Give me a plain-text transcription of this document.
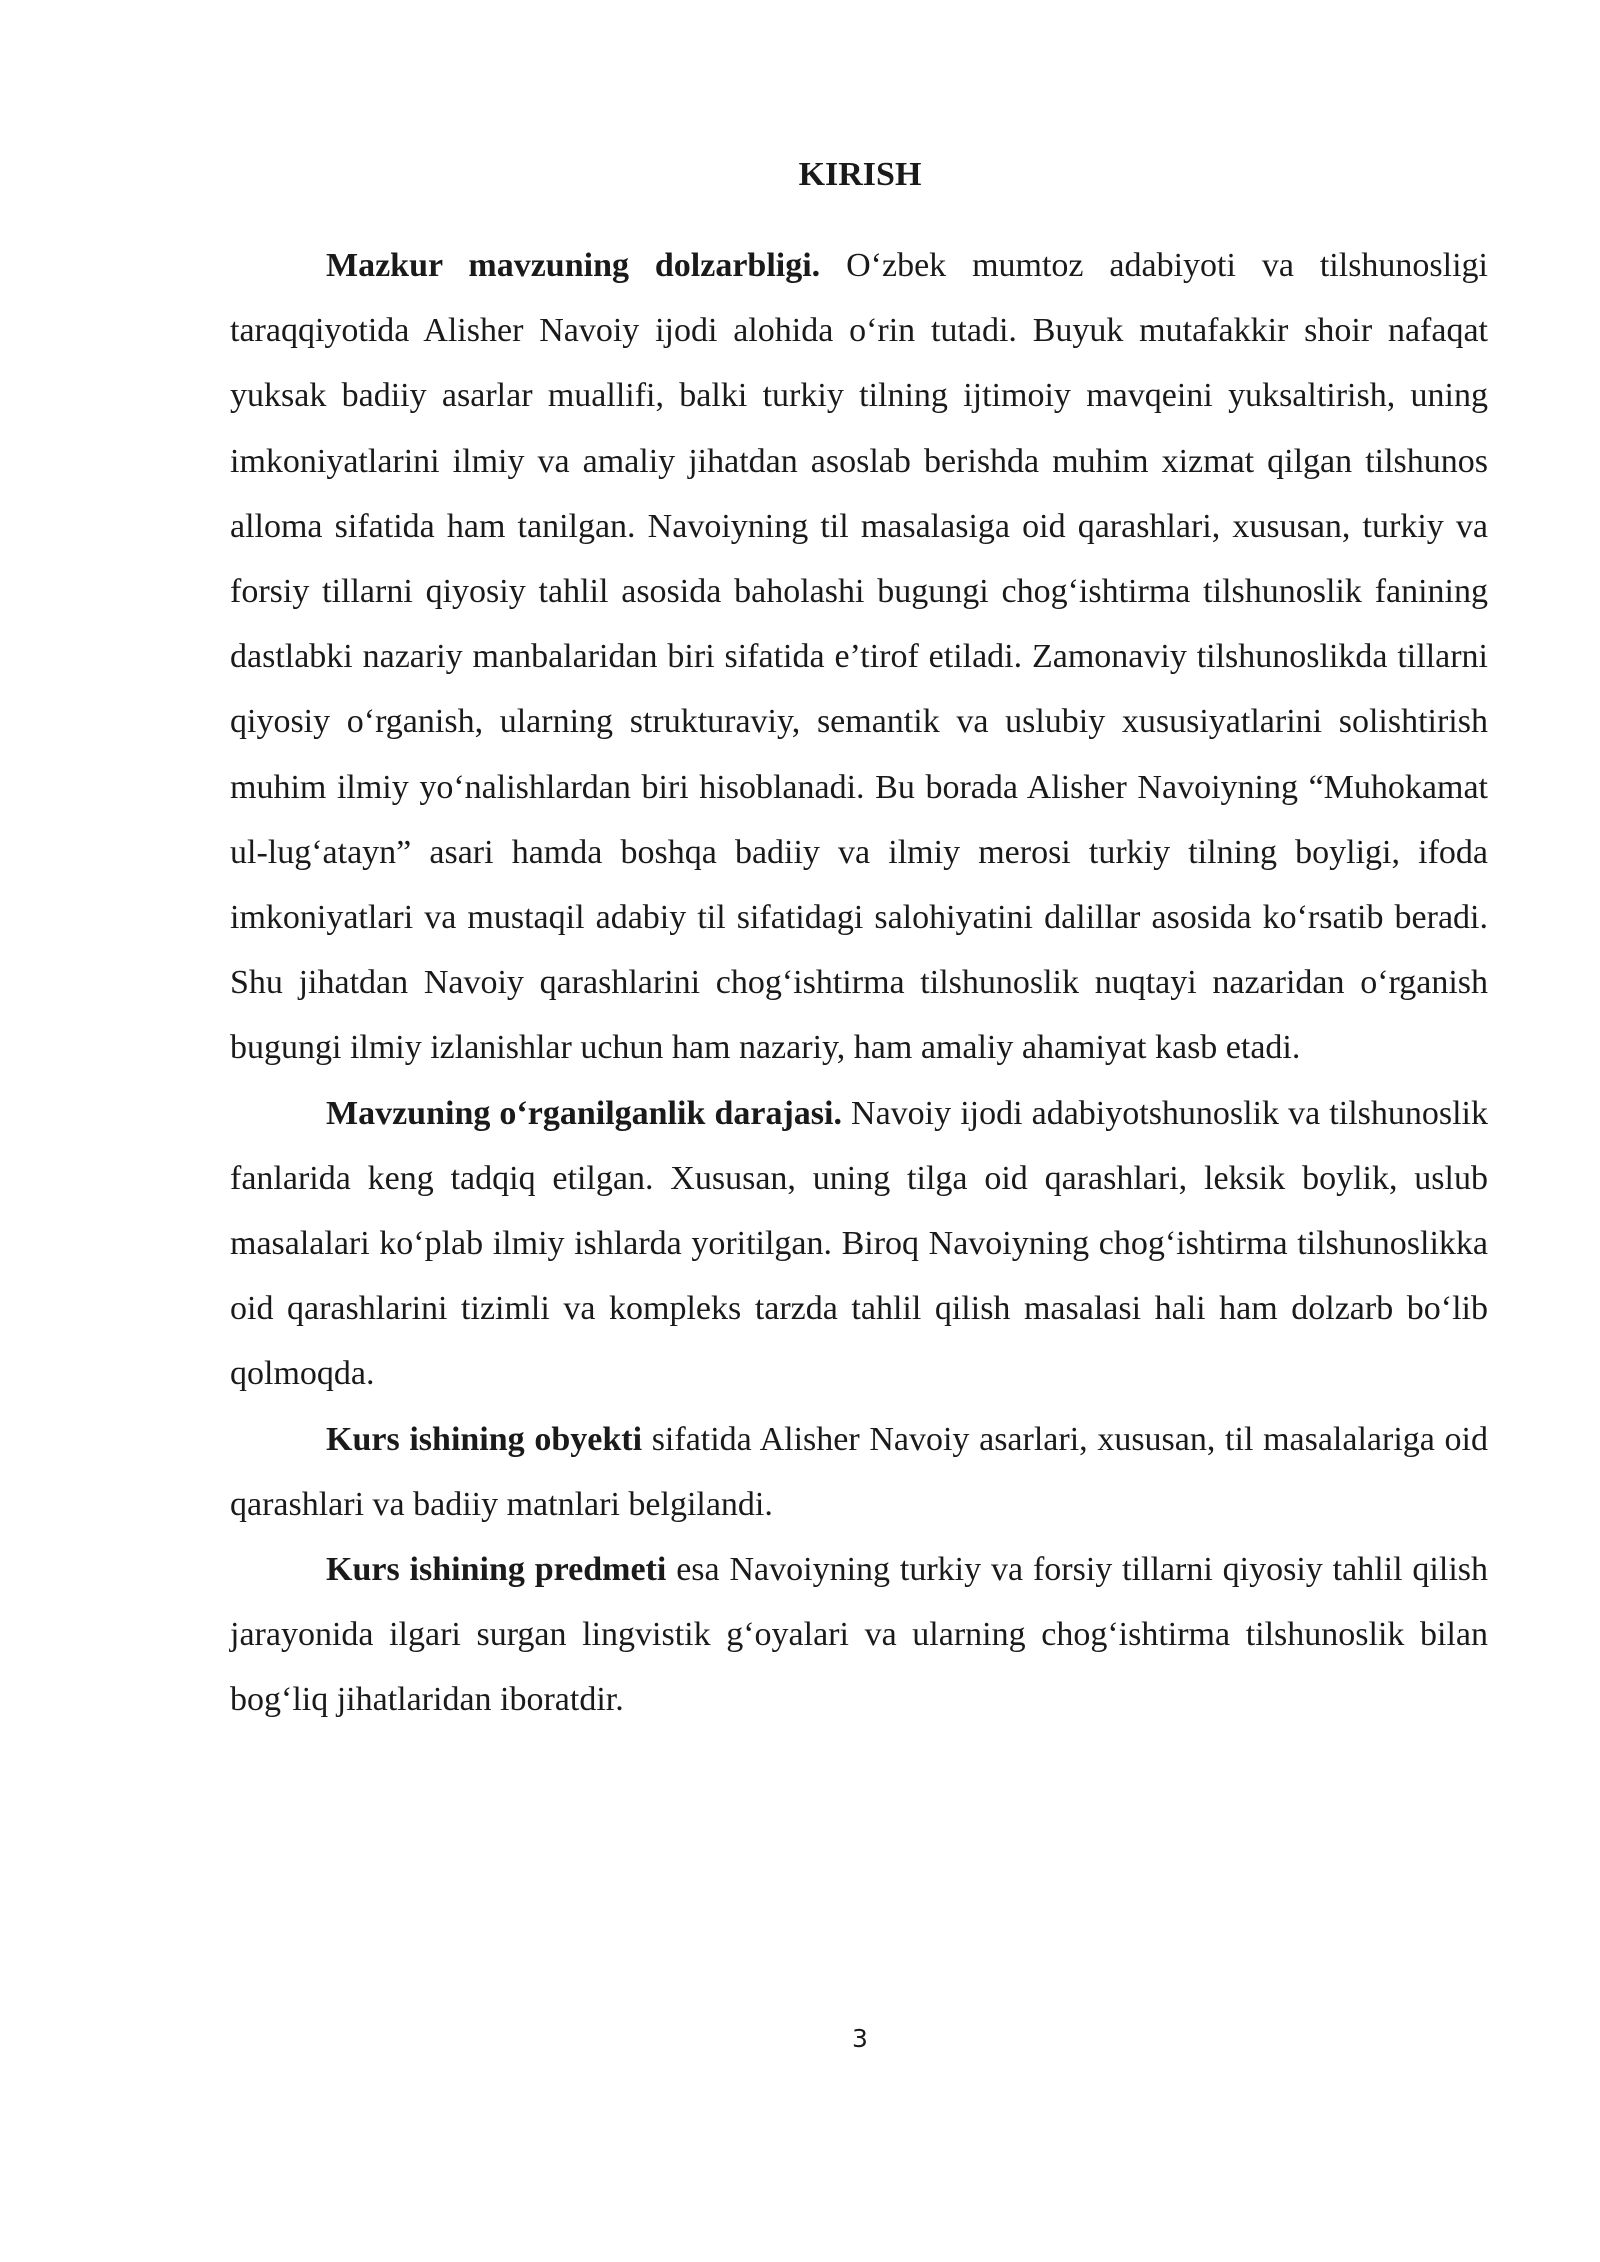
KIRISH

Mazkur mavzuning dolzarbligi. O‘zbek mumtoz adabiyoti va tilshunosligi taraqqiyotida Alisher Navoiy ijodi alohida o‘rin tutadi. Buyuk mutafakkir shoir nafaqat yuksak badiiy asarlar muallifi, balki turkiy tilning ijtimoiy mavqeini yuksaltirish, uning imkoniyatlarini ilmiy va amaliy jihatdan asoslab berishda muhim xizmat qilgan tilshunos alloma sifatida ham tanilgan. Navoiyning til masalasiga oid qarashlari, xususan, turkiy va forsiy tillarni qiyosiy tahlil asosida baholashi bugungi chog‘ishtirma tilshunoslik fanining dastlabki nazariy manbalaridan biri sifatida e’tirof etiladi. Zamonaviy tilshunoslikda tillarni qiyosiy o‘rganish, ularning strukturaviy, semantik va uslubiy xususiyatlarini solishtirish muhim ilmiy yo‘nalishlardan biri hisoblanadi. Bu borada Alisher Navoiyning “Muhokamat ul-lug‘atayn” asari hamda boshqa badiiy va ilmiy merosi turkiy tilning boyligi, ifoda imkoniyatlari va mustaqil adabiy til sifatidagi salohiyatini dalillar asosida ko‘rsatib beradi. Shu jihatdan Navoiy qarashlarini chog‘ishtirma tilshunoslik nuqtayi nazaridan o‘rganish bugungi ilmiy izlanishlar uchun ham nazariy, ham amaliy ahamiyat kasb etadi.

Mavzuning o‘rganilganlik darajasi. Navoiy ijodi adabiyotshunoslik va tilshunoslik fanlarida keng tadqiq etilgan. Xususan, uning tilga oid qarashlari, leksik boylik, uslub masalalari ko‘plab ilmiy ishlarda yoritilgan. Biroq Navoiyning chog‘ishtirma tilshunoslikka oid qarashlarini tizimli va kompleks tarzda tahlil qilish masalasi hali ham dolzarb bo‘lib qolmoqda.

Kurs ishining obyekti sifatida Alisher Navoiy asarlari, xususan, til masalalariga oid qarashlari va badiiy matnlari belgilandi.

Kurs ishining predmeti esa Navoiyning turkiy va forsiy tillarni qiyosiy tahlil qilish jarayonida ilgari surgan lingvistik g‘oyalari va ularning chog‘ishtirma tilshunoslik bilan bog‘liq jihatlaridan iboratdir.

3
